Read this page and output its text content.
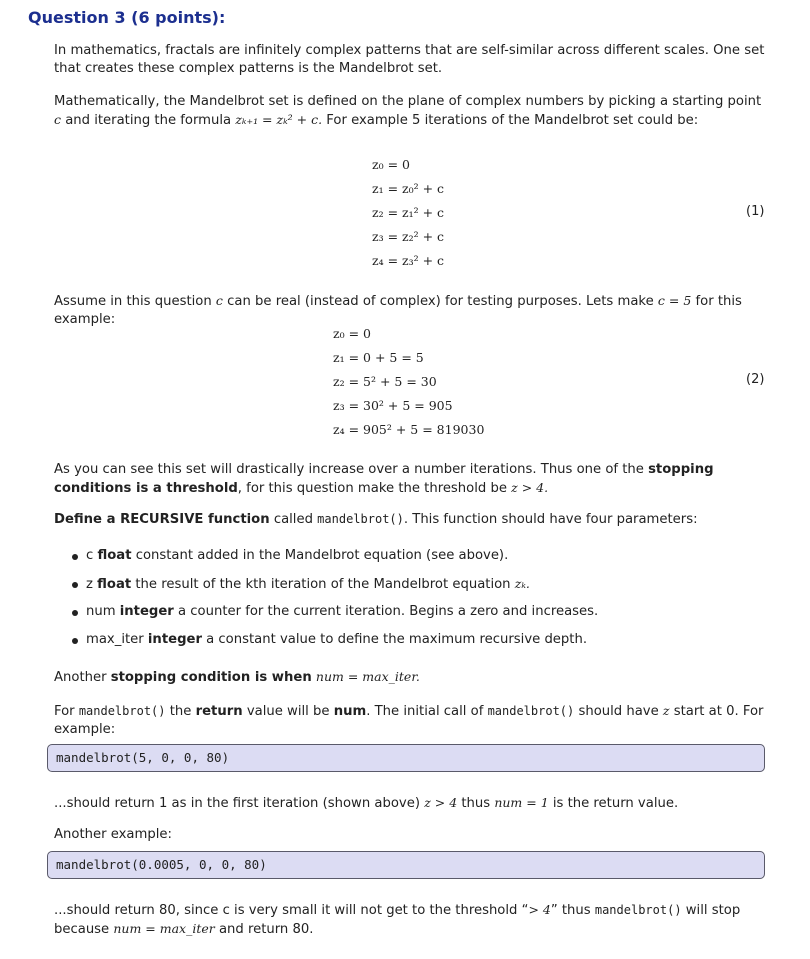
Question 3 (6 points):
In mathematics, fractals are infinitely complex patterns that are self-similar across different scales. One set that creates these complex patterns is the Mandelbrot set.
Mathematically, the Mandelbrot set is defined on the plane of complex numbers by picking a starting point c and iterating the formula zₖ₊₁ = zₖ² + c. For example 5 iterations of the Mandelbrot set could be:
z₀ = 0
z₁ = z₀² + c
z₂ = z₁² + c
z₃ = z₂² + c
z₄ = z₃² + c
(1)
Assume in this question c can be real (instead of complex) for testing purposes. Lets make c = 5 for this example:
z₀ = 0
z₁ = 0 + 5 = 5
z₂ = 5² + 5 = 30
z₃ = 30² + 5 = 905
z₄ = 905² + 5 = 819030
(2)
As you can see this set will drastically increase over a number iterations. Thus one of the stopping conditions is a threshold, for this question make the threshold be z > 4.
Define a RECURSIVE function called mandelbrot(). This function should have four parameters:
c float constant added in the Mandelbrot equation (see above).
z float the result of the kth iteration of the Mandelbrot equation zₖ.
num integer a counter for the current iteration. Begins a zero and increases.
max_iter integer a constant value to define the maximum recursive depth.
Another stopping condition is when num = max_iter.
For mandelbrot() the return value will be num. The initial call of mandelbrot() should have z start at 0. For example:
mandelbrot(5, 0, 0, 80)
...should return 1 as in the first iteration (shown above) z > 4 thus num = 1 is the return value.
Another example:
mandelbrot(0.0005, 0, 0, 80)
...should return 80, since c is very small it will not get to the threshold “> 4” thus mandelbrot() will stop because num = max_iter and return 80.
